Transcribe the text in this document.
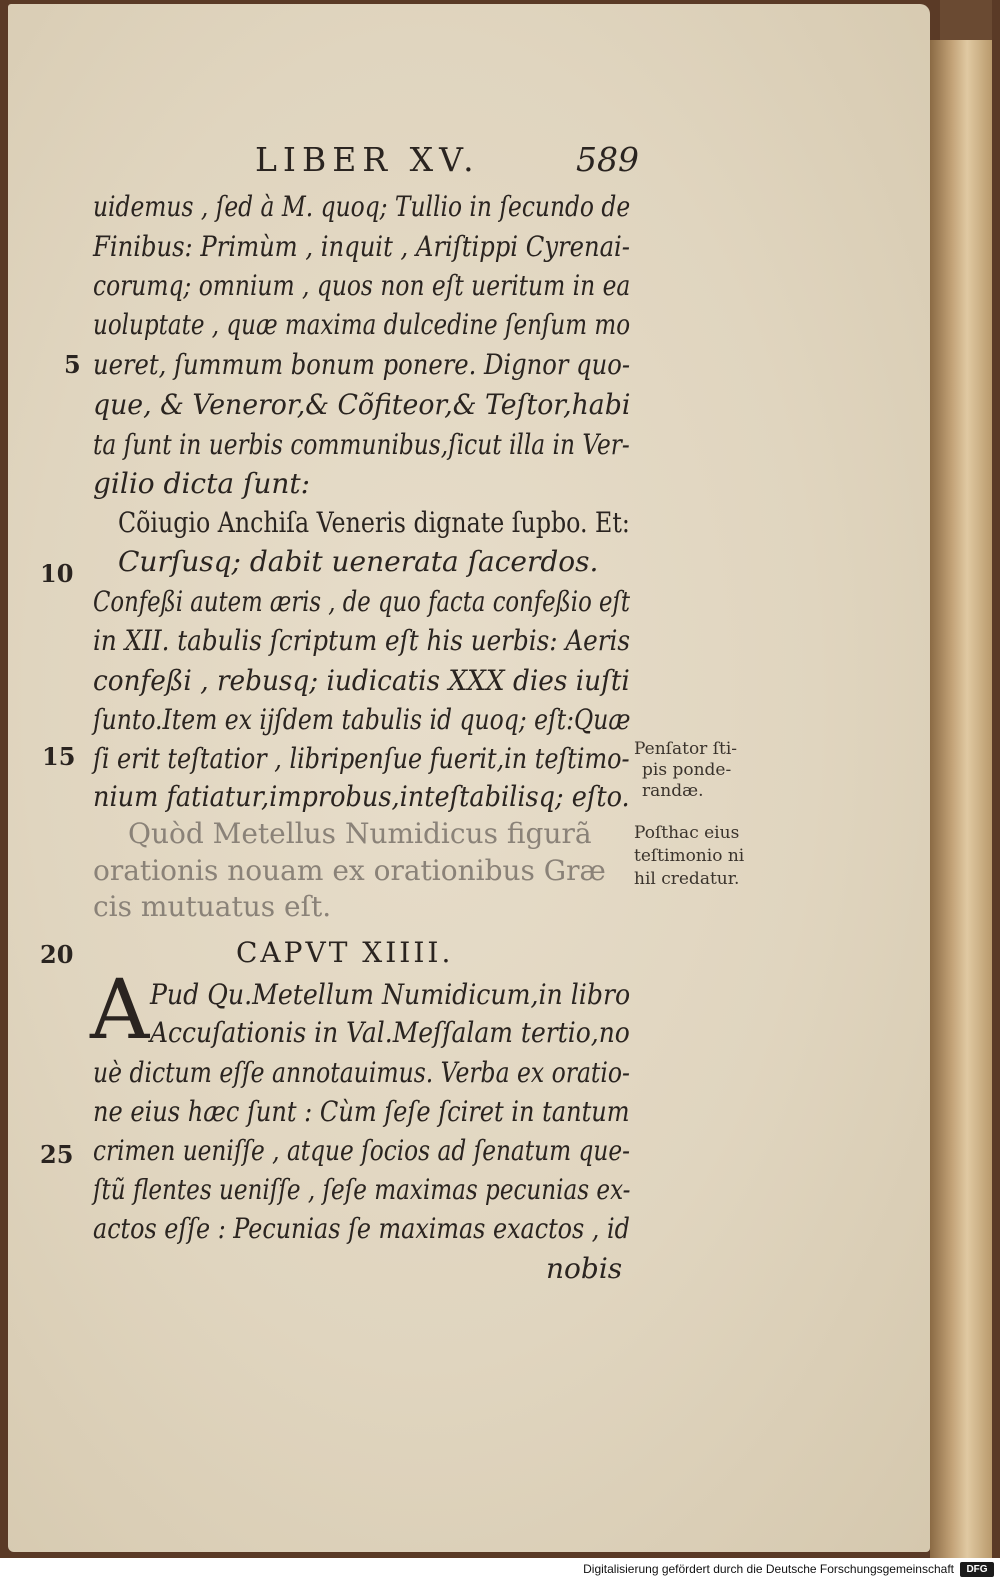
LIBER XV.	589
uidemus , ſed à M. quoq; Tullio in ſecundo de
Finibus: Primùm , inquit , Ariſtippi Cyrenai-
corumq; omnium , quos non eſt ueritum in ea
uoluptate , quæ maxima dulcedine ſenſum mo
ueret, ſummum bonum ponere. Dignor quo-
que, & Veneror,& Cõfiteor,& Teſtor,habi
ta ſunt in uerbis communibus,ſicut illa in Ver-
gilio dicta ſunt:
Cõiugio Anchiſa Veneris dignate ſupbo. Et:
Curſusq; dabit uenerata ſacerdos.
Confeßi autem æris , de quo facta confeßio eſt
in XII. tabulis ſcriptum eſt his uerbis: Aeris
confeßi , rebusq; iudicatis XXX dies iuſti
ſunto.Item ex ijſdem tabulis id quoq; eſt:Quæ
ſi erit teſtatior , libripenſue fuerit,in teſtimo-
nium fatiatur,improbus,inteſtabilisq; eſto.
Quòd Metellus Numidicus figurã
orationis nouam ex orationibus Græ
cis mutuatus eſt.
CAPVT XIIII.
A Pud Qu.Metellum Numidicum,in libro
Accuſationis in Val.Meſſalam tertio,no
uè dictum eſſe annotauimus. Verba ex oratio-
ne eius hæc ſunt : Cùm ſeſe ſciret in tantum
crimen ueniſſe , atque ſocios ad ſenatum que-
ſtũ flentes ueniſſe , ſeſe maximas pecunias ex-
actos eſſe : Pecunias ſe maximas exactos , id
nobis
5
10
15
20
25
Penſator ſti-
pis ponde-
randæ.
Poſthac eius
teſtimonio ni
hil credatur.
Digitalisierung gefördert durch die Deutsche Forschungsgemeinschaft	DFG
